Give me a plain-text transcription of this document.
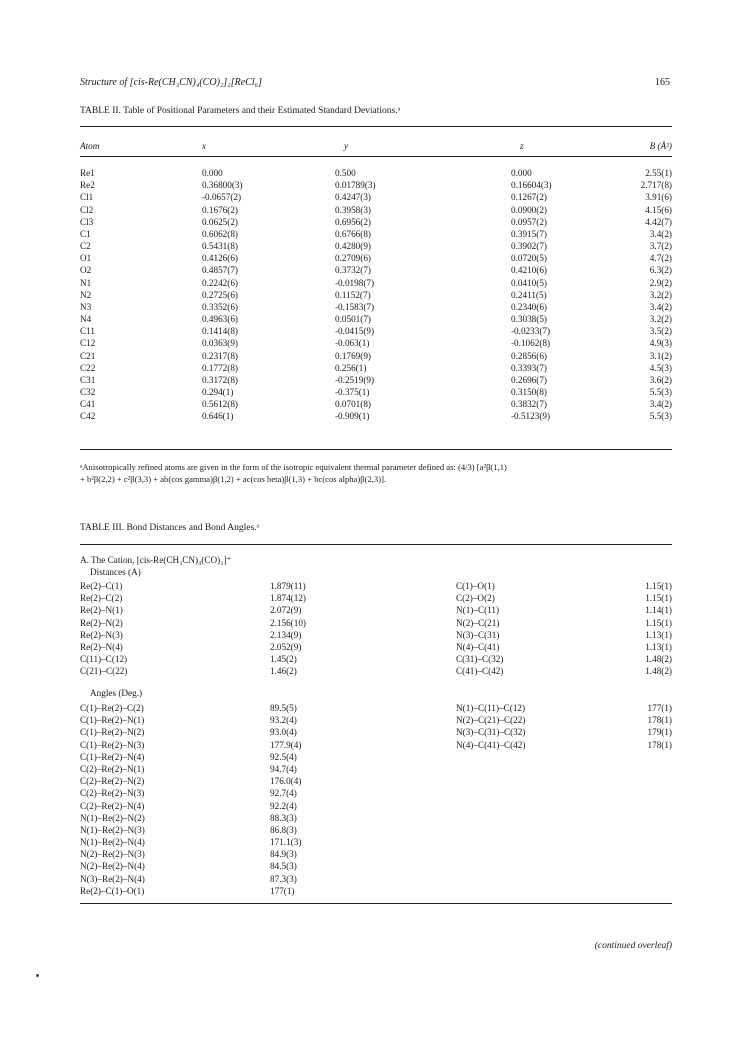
Structure of [cis-Re(CH₃CN)₄(CO)₂]₂[ReCl₆]	165
TABLE II. Table of Positional Parameters and their Estimated Standard Deviations.ᵃ
Atom	x	y	z	B (Å²)
Re1	0.000	0.500	0.000	2.55(1)
Re2	0.36800(3)	0.01789(3)	0.16604(3)	2.717(8)
Cl1	-0.0657(2)	0.4247(3)	0.1267(2)	3.91(6)
Cl2	0.1676(2)	0.3958(3)	0.0900(2)	4.15(6)
Cl3	0.0625(2)	0.6956(2)	0.0957(2)	4.42(7)
C1	0.6062(8)	0.6766(8)	0.3915(7)	3.4(2)
C2	0.5431(8)	0.4280(9)	0.3902(7)	3.7(2)
O1	0.4126(6)	0.2709(6)	0.0720(5)	4.7(2)
O2	0.4857(7)	0.3732(7)	0.4210(6)	6.3(2)
N1	0.2242(6)	-0.0198(7)	0.0410(5)	2.9(2)
N2	0.2725(6)	0.1152(7)	0.2411(5)	3.2(2)
N3	0.3352(6)	-0.1583(7)	0.2340(6)	3.4(2)
N4	0.4963(6)	0.0501(7)	0.3038(5)	3.2(2)
C11	0.1414(8)	-0.0415(9)	-0.0233(7)	3.5(2)
C12	0.0363(9)	-0.063(1)	-0.1062(8)	4.9(3)
C21	0.2317(8)	0.1769(9)	0.2856(6)	3.1(2)
C22	0.1772(8)	0.256(1)	0.3393(7)	4.5(3)
C31	0.3172(8)	-0.2519(9)	0.2696(7)	3.6(2)
C32	0.294(1)	-0.375(1)	0.3150(8)	5.5(3)
C41	0.5612(8)	0.0701(8)	0.3832(7)	3.4(2)
C42	0.646(1)	-0.909(1)	-0.5123(9)	5.5(3)
ᵃAnisotropically refined atoms are given in the form of the isotropic equivalent thermal parameter defined as: (4/3) [a²β(1,1)
+ b²β(2,2) + c²β(3,3) + ab(cos gamma)β(1,2) + ac(cos beta)β(1,3) + bc(cos alpha)β(2,3)].
TABLE III. Bond Distances and Bond Angles.ᵃ
A. The Cation, [cis-Re(CH₃CN)₄(CO)₂]⁺
Distances (A)
Re(2)–C(1)	1.879(11)	C(1)–O(1)	1.15(1)
Re(2)–C(2)	1.874(12)	C(2)–O(2)	1.15(1)
Re(2)–N(1)	2.072(9)	N(1)–C(11)	1.14(1)
Re(2)–N(2)	2.156(10)	N(2)–C(21)	1.15(1)
Re(2)–N(3)	2.134(9)	N(3)–C(31)	1.13(1)
Re(2)–N(4)	2.052(9)	N(4)–C(41)	1.13(1)
C(11)–C(12)	1.45(2)	C(31)–C(32)	1.48(2)
C(21)–C(22)	1.46(2)	C(41)–C(42)	1.48(2)
Angles (Deg.)
C(1)–Re(2)–C(2)	89.5(5)	N(1)–C(11)–C(12)	177(1)
C(1)–Re(2)–N(1)	93.2(4)	N(2)–C(21)–C(22)	178(1)
C(1)–Re(2)–N(2)	93.0(4)	N(3)–C(31)–C(32)	179(1)
C(1)–Re(2)–N(3)	177.9(4)	N(4)–C(41)–C(42)	178(1)
C(1)–Re(2)–N(4)	92.5(4)
C(2)–Re(2)–N(1)	94.7(4)
C(2)–Re(2)–N(2)	176.0(4)
C(2)–Re(2)–N(3)	92.7(4)
C(2)–Re(2)–N(4)	92.2(4)
N(1)–Re(2)–N(2)	88.3(3)
N(1)–Re(2)–N(3)	86.8(3)
N(1)–Re(2)–N(4)	171.1(3)
N(2)–Re(2)–N(3)	84.9(3)
N(2)–Re(2)–N(4)	84.5(3)
N(3)–Re(2)–N(4)	87.3(3)
Re(2)–C(1)–O(1)	177(1)
(continued overleaf)
